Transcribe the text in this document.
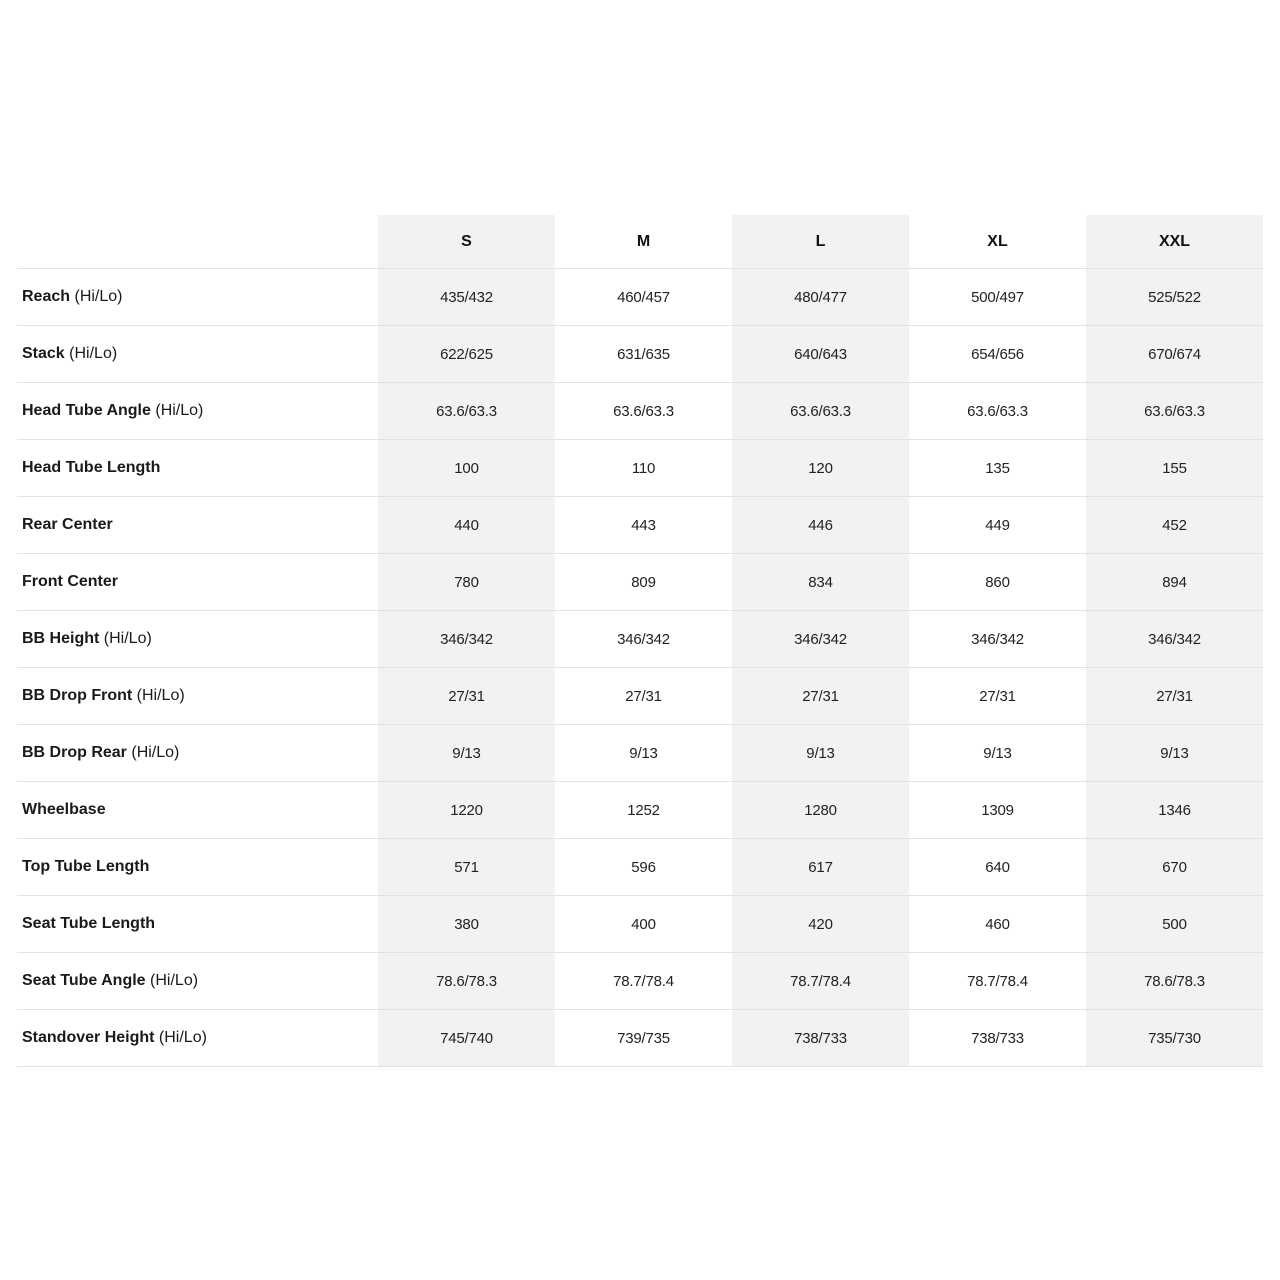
	S	M	L	XL	XXL
Reach (Hi/Lo)	435/432	460/457	480/477	500/497	525/522
Stack (Hi/Lo)	622/625	631/635	640/643	654/656	670/674
Head Tube Angle (Hi/Lo)	63.6/63.3	63.6/63.3	63.6/63.3	63.6/63.3	63.6/63.3
Head Tube Length	100	110	120	135	155
Rear Center	440	443	446	449	452
Front Center	780	809	834	860	894
BB Height (Hi/Lo)	346/342	346/342	346/342	346/342	346/342
BB Drop Front (Hi/Lo)	27/31	27/31	27/31	27/31	27/31
BB Drop Rear (Hi/Lo)	9/13	9/13	9/13	9/13	9/13
Wheelbase	1220	1252	1280	1309	1346
Top Tube Length	571	596	617	640	670
Seat Tube Length	380	400	420	460	500
Seat Tube Angle (Hi/Lo)	78.6/78.3	78.7/78.4	78.7/78.4	78.7/78.4	78.6/78.3
Standover Height (Hi/Lo)	745/740	739/735	738/733	738/733	735/730
